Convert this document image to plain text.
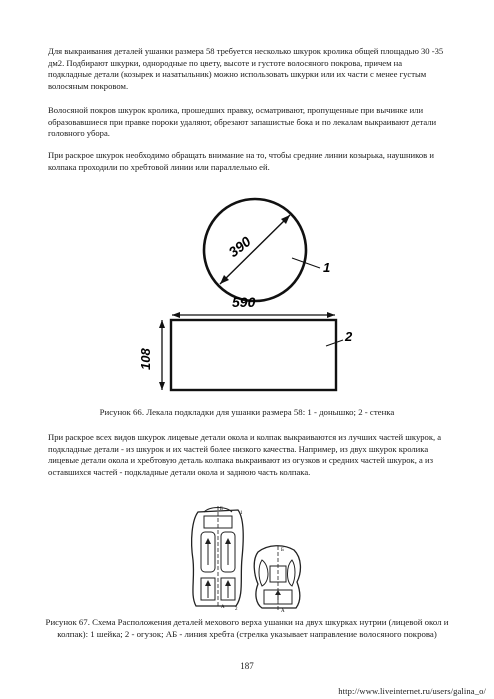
Для выкраивания деталей ушанки размера 58 требуется несколько шкурок кролика общей площадью 30 -35 дм2. Подбирают шкурки, однородные по цвету, высоте и густоте волосяного покрова, причем на подкладные детали (козырек и назатыльник) можно использовать шкурки или их части с менее густым волосяным покровом.

Волосяной покров шкурок кролика, прошедших правку, осматривают, пропущенные при вычинке или образовавшиеся при правке пороки удаляют, обрезают запашистые бока и по лекалам выкраивают детали головного убора.

При раскрое шкурок необходимо обращать внимание на то, чтобы средние линии козырька, наушников и колпака проходили по хребтовой линии или параллельно ей.

390
1
590
108
2

Рисунок 66. Лекала подкладки для ушанки размера 58: 1 - донышко; 2 - стенка

При раскрое всех видов шкурок лицевые детали окола и колпак выкраиваются из лучших частей шкурок, а подкладные детали - из шкурок и их частей более низкого качества. Например, из двух шкурок кролика лицевые детали окола и хребтовую деталь колпака выкраивают из огузков и средних частей шкурок, а из оставшихся частей - подкладные детали окола и заднюю часть колпака.

Б
А
1
2
Б
А

Рисунок 67. Схема Расположения деталей мехового верха ушанки на двух шкурках нутрии (лицевой окол и колпак): 1 шейка; 2 - огузок; АБ - линия хребта (стрелка указывает направление волосяного покрова)

187
http://www.liveinternet.ru/users/galina_o/
